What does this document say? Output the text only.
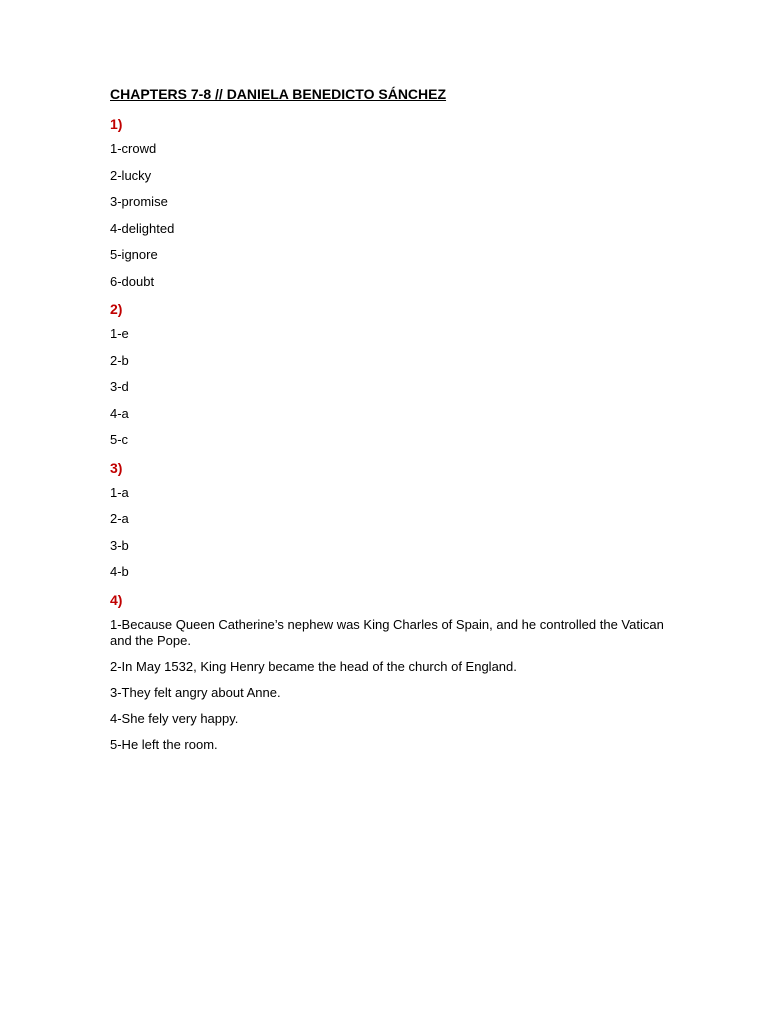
CHAPTERS 7-8 // DANIELA BENEDICTO SÁNCHEZ
1)
1-crowd
2-lucky
3-promise
4-delighted
5-ignore
6-doubt
2)
1-e
2-b
3-d
4-a
5-c
3)
1-a
2-a
3-b
4-b
4)
1-Because Queen Catherine’s nephew was King Charles of Spain, and he controlled the Vatican and the Pope.
2-In May 1532, King Henry became the head of the church of England.
3-They felt angry about Anne.
4-She fely very happy.
5-He left the room.
